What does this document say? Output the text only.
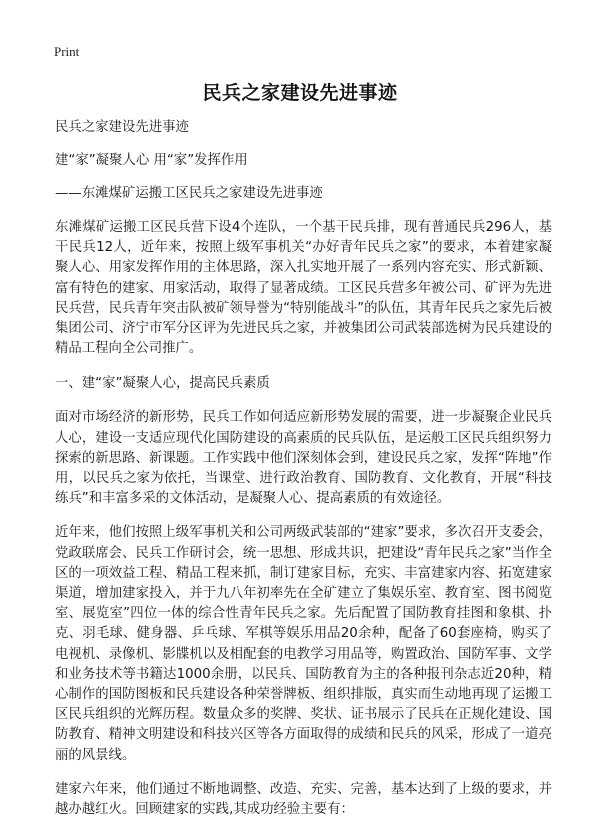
Print
民兵之家建设先进事迹

民兵之家建设先进事迹

建“家”凝聚人心 用“家”发挥作用

——东滩煤矿运搬工区民兵之家建设先进事迹

东滩煤矿运搬工区民兵营下设4个连队，一个基干民兵排，现有普通民兵296人，基干民兵12人，近年来，按照上级军事机关“办好青年民兵之家”的要求，本着建家凝聚人心、用家发挥作用的主体思路，深入扎实地开展了一系列内容充实、形式新颖、富有特色的建家、用家活动，取得了显著成绩。工区民兵营多年被公司、矿评为先进民兵营，民兵青年突击队被矿领导誉为“特别能战斗”的队伍，其青年民兵之家先后被集团公司、济宁市军分区评为先进民兵之家，并被集团公司武装部选树为民兵建设的精品工程向全公司推广。

一、建“家”凝聚人心，提高民兵素质

面对市场经济的新形势，民兵工作如何适应新形势发展的需要，进一步凝聚企业民兵人心，建设一支适应现代化国防建设的高素质的民兵队伍，是运般工区民兵组织努力探索的新思路、新课题。工作实践中他们深刻体会到，建设民兵之家，发挥“阵地”作用，以民兵之家为依托，当课堂、进行政治教育、国防教育、文化教育，开展“科技练兵”和丰富多采的文体活动，是凝聚人心、提高素质的有效途径。

近年来，他们按照上级军事机关和公司两级武装部的“建家”要求，多次召开支委会，党政联席会、民兵工作研讨会，统一思想、形成共识，把建设“青年民兵之家”当作全区的一项效益工程、精品工程来抓，制订建家目标，充实、丰富建家内容、拓宽建家渠道，增加建家投入，并于九八年初率先在全矿建立了集娱乐室、教育室、图书阅览室、展览室”四位一体的综合性青年民兵之家。先后配置了国防教育挂图和象棋、扑克、羽毛球、健身器、乒乓球、军棋等娱乐用品20余种，配备了60套座椅，购买了电视机、录像机、影牒机以及相配套的电教学习用品等，购置政治、国防军事、文学和业务技术等书籍达1000余册，以民兵、国防教育为主的各种报刊杂志近20种，精心制作的国防图板和民兵建设各种荣誉牌板、组织排版，真实而生动地再现了运搬工区民兵组织的光辉历程。数量众多的奖牌、奖状、证书展示了民兵在正规化建设、国防教育、精神文明建设和科技兴区等各方面取得的成绩和民兵的风采，形成了一道亮丽的风景线。

建家六年来，他们通过不断地调整、改造、充实、完善，基本达到了上级的要求，并越办越红火。回顾建家的实践,其成功经验主要有：
